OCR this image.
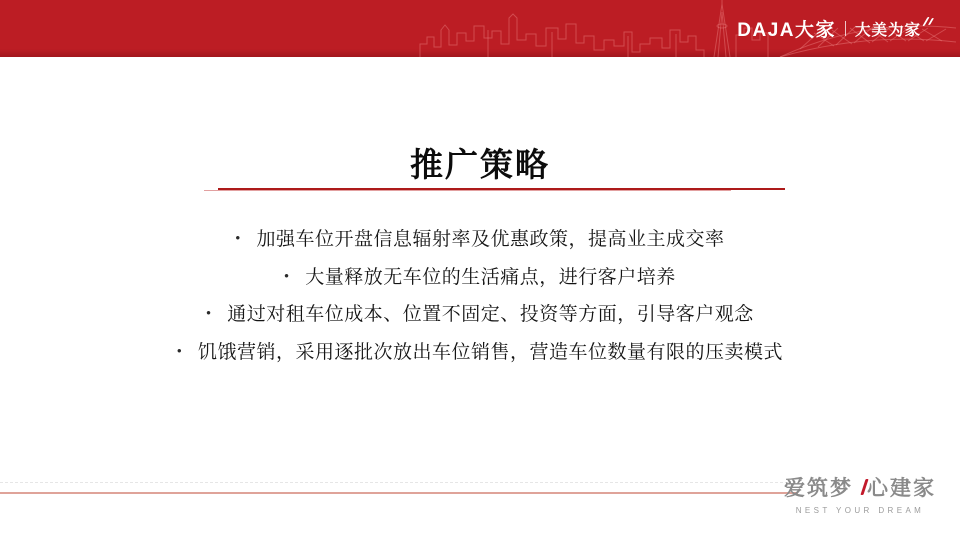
DAJA大家 大美为家
推广策略
• 加强车位开盘信息辐射率及优惠政策，提高业主成交率
• 大量释放无车位的生活痛点，进行客户培养
• 通过对租车位成本、位置不固定、投资等方面，引导客户观念
• 饥饿营销，采用逐批次放出车位销售，营造车位数量有限的压卖模式
爱筑梦 心建家
NEST YOUR DREAM
